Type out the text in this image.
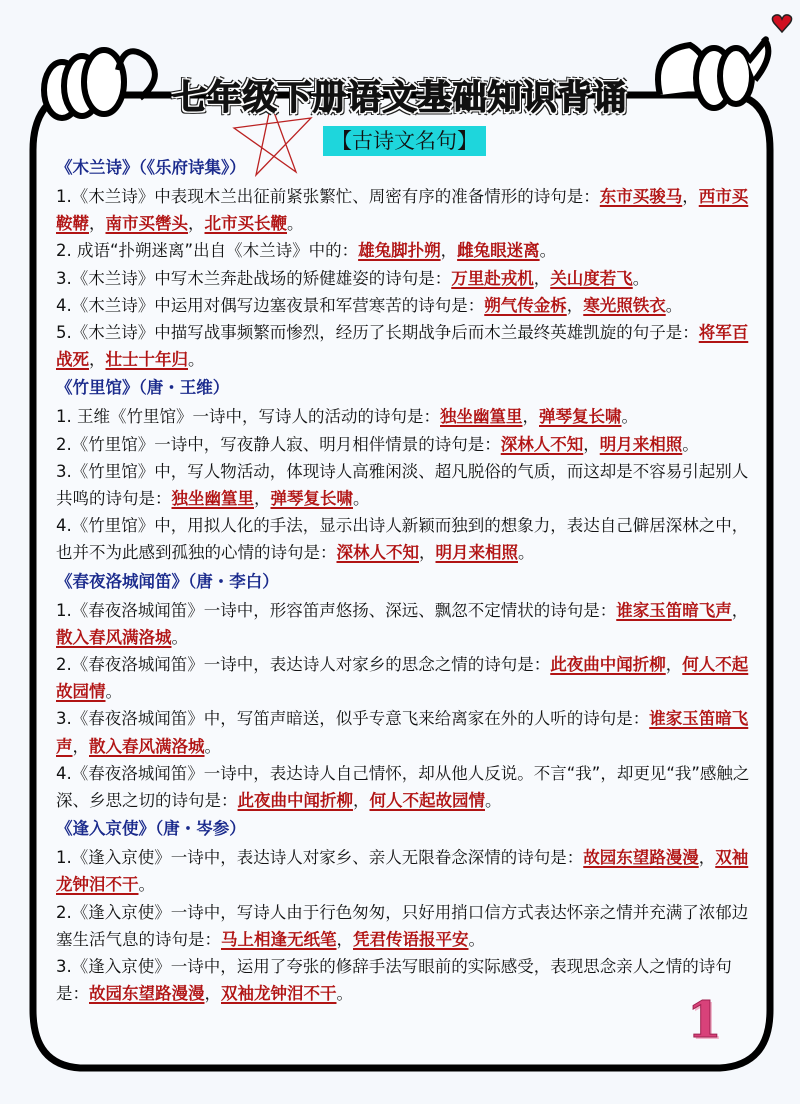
七年级下册语文基础知识背诵
【古诗文名句】
《木兰诗》（《乐府诗集》）
1.《木兰诗》中表现木兰出征前紧张繁忙、周密有序的准备情形的诗句是：东市买骏马，西市买鞍鞯，南市买辔头，北市买长鞭。
2. 成语“扑朔迷离”出自《木兰诗》中的：雄兔脚扑朔，雌兔眼迷离。
3.《木兰诗》中写木兰奔赴战场的矫健雄姿的诗句是：万里赴戎机，关山度若飞。
4.《木兰诗》中运用对偶写边塞夜景和军营寒苦的诗句是：朔气传金柝，寒光照铁衣。
5.《木兰诗》中描写战事频繁而惨烈，经历了长期战争后而木兰最终英雄凯旋的句子是：将军百战死，壮士十年归。
《竹里馆》（唐・王维）
1. 王维《竹里馆》一诗中，写诗人的活动的诗句是：独坐幽篁里，弹琴复长啸。
2.《竹里馆》一诗中，写夜静人寂、明月相伴情景的诗句是：深林人不知，明月来相照。
3.《竹里馆》中，写人物活动，体现诗人高雅闲淡、超凡脱俗的气质，而这却是不容易引起别人共鸣的诗句是：独坐幽篁里，弹琴复长啸。
4.《竹里馆》中，用拟人化的手法，显示出诗人新颖而独到的想象力，表达自己僻居深林之中，也并不为此感到孤独的心情的诗句是：深林人不知，明月来相照。
《春夜洛城闻笛》（唐・李白）
1.《春夜洛城闻笛》一诗中，形容笛声悠扬、深远、飘忽不定情状的诗句是：谁家玉笛暗飞声，散入春风满洛城。
2.《春夜洛城闻笛》一诗中，表达诗人对家乡的思念之情的诗句是：此夜曲中闻折柳，何人不起故园情。
3.《春夜洛城闻笛》中，写笛声暗送，似乎专意飞来给离家在外的人听的诗句是：谁家玉笛暗飞声，散入春风满洛城。
4.《春夜洛城闻笛》一诗中，表达诗人自己情怀，却从他人反说。不言“我”，却更见“我”感触之深、乡思之切的诗句是：此夜曲中闻折柳，何人不起故园情。
《逢入京使》（唐・岑参）
1.《逢入京使》一诗中，表达诗人对家乡、亲人无限眷念深情的诗句是：故园东望路漫漫，双袖龙钟泪不干。
2.《逢入京使》一诗中，写诗人由于行色匆匆，只好用捎口信方式表达怀亲之情并充满了浓郁边塞生活气息的诗句是：马上相逢无纸笔，凭君传语报平安。
3.《逢入京使》一诗中，运用了夸张的修辞手法写眼前的实际感受，表现思念亲人之情的诗句是：故园东望路漫漫，双袖龙钟泪不干。	1
